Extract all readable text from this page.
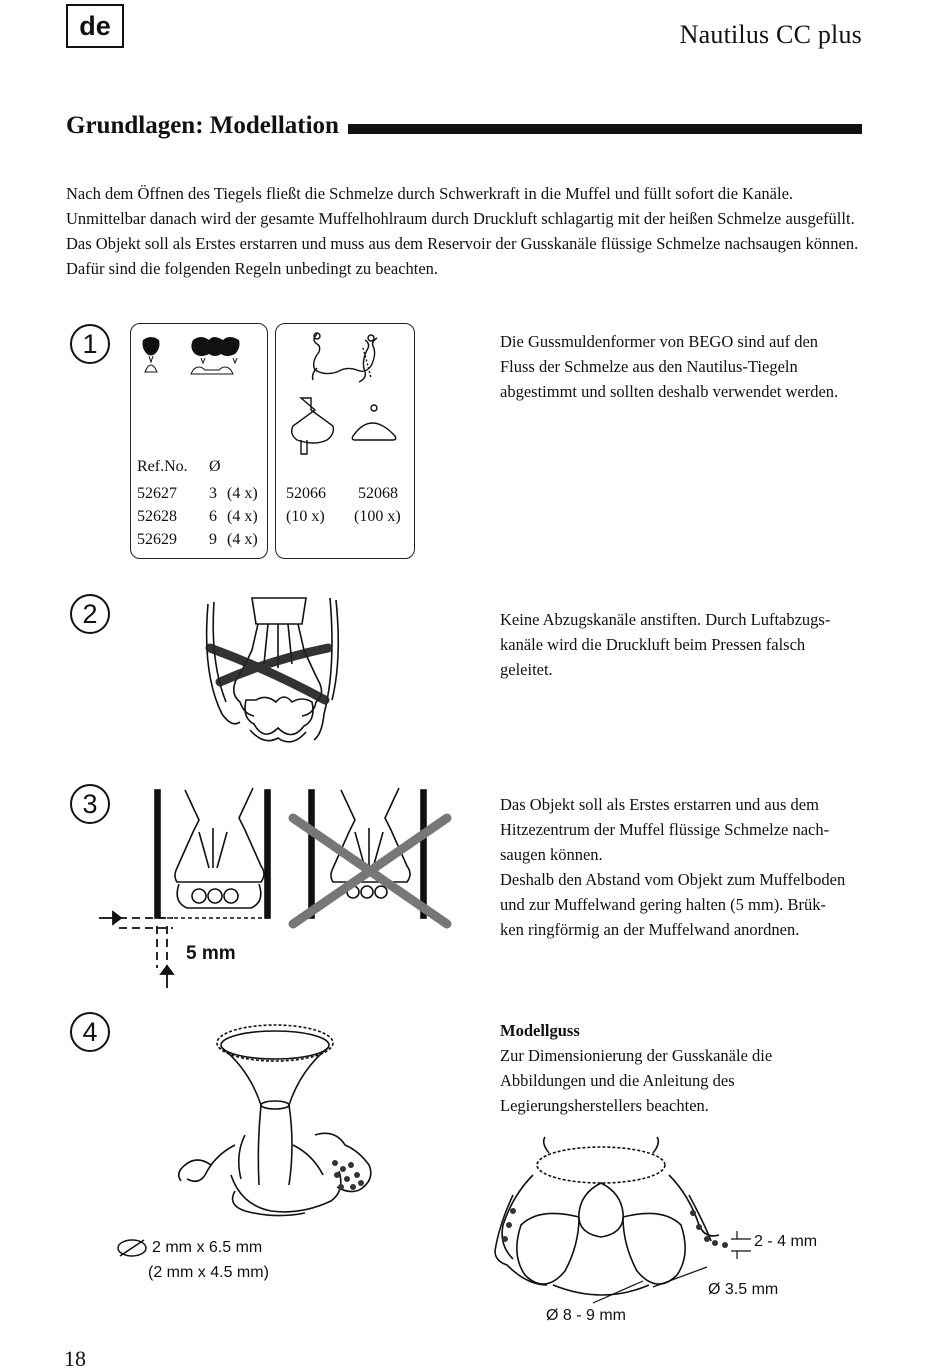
de	Nautilus CC plus
Grundlagen: Modellation
Nach dem Öffnen des Tiegels fließt die Schmelze durch Schwerkraft in die Muffel und füllt sofort die Kanäle. Unmittelbar danach wird der gesamte Muffelhohlraum durch Druckluft schlagartig mit der heißen Schmelze ausgefüllt. Das Objekt soll als Erstes erstarren und muss aus dem Reservoir der Gusskanäle flüssige Schmelze nachsaugen können. Dafür sind die folgenden Regeln unbedingt zu beachten.
1
Ref.No. Ø
52627 3 (4 x)
52628 6 (4 x)
52629 9 (4 x)
52066 52068
(10 x) (100 x)
Die Gussmuldenformer von BEGO sind auf den
Fluss der Schmelze aus den Nautilus-Tiegeln
abgestimmt und sollten deshalb verwendet werden.
2	Keine Abzugskanäle anstiften. Durch Luftabzugs-
kanäle wird die Druckluft beim Pressen falsch
geleitet.
3
5 mm
Das Objekt soll als Erstes erstarren und aus dem
Hitzezentrum der Muffel flüssige Schmelze nach-
saugen können.
Deshalb den Abstand vom Objekt zum Muffelboden
und zur Muffelwand gering halten (5 mm). Brük-
ken ringförmig an der Muffelwand anordnen.
4
2 mm x 6.5 mm
(2 mm x 4.5 mm)
Modellguss
Zur Dimensionierung der Gusskanäle die
Abbildungen und die Anleitung des
Legierungsherstellers beachten.
2 - 4 mm
Ø 3.5 mm
Ø 8 - 9 mm
18
